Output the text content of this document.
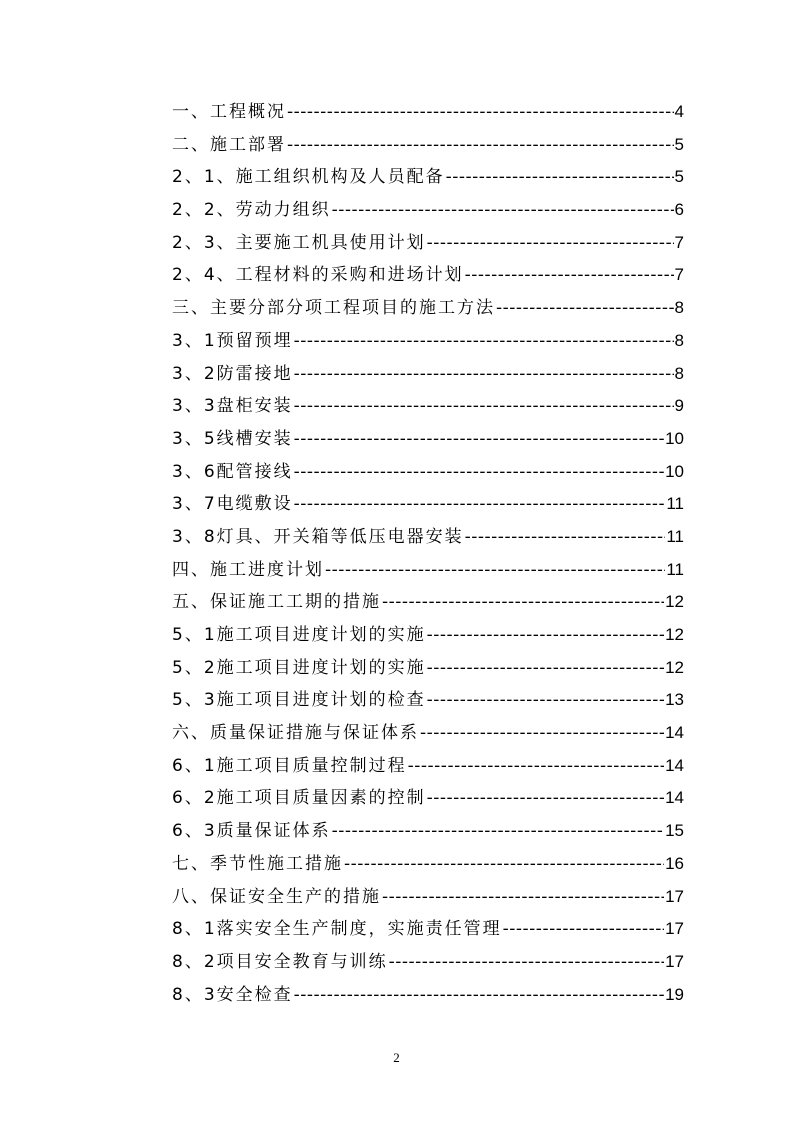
一、工程概况 -----	4
二、施工部署 -----	5
2、1、施工组织机构及人员配备 -----	5
2、2、劳动力组织 -----	6
2、3、主要施工机具使用计划 -----	7
2、4、工程材料的采购和进场计划 -----	7
三、主要分部分项工程项目的施工方法 -----	8
3、1预留预埋 -----	8
3、2防雷接地 -----	8
3、3盘柜安装 -----	9
3、5线槽安装 -----	10
3、6配管接线 -----	10
3、7电缆敷设 -----	11
3、8灯具、开关箱等低压电器安装 -----	11
四、施工进度计划 -----	11
五、保证施工工期的措施 -----	12
5、1施工项目进度计划的实施 -----	12
5、2施工项目进度计划的实施 -----	12
5、3施工项目进度计划的检查 -----	13
六、质量保证措施与保证体系 -----	14
6、1施工项目质量控制过程 -----	14
6、2施工项目质量因素的控制 -----	14
6、3质量保证体系 -----	15
七、季节性施工措施 -----	16
八、保证安全生产的措施 -----	17
8、1落实安全生产制度，实施责任管理 -----	17
8、2项目安全教育与训练 -----	17
8、3安全检查 -----	19
2
